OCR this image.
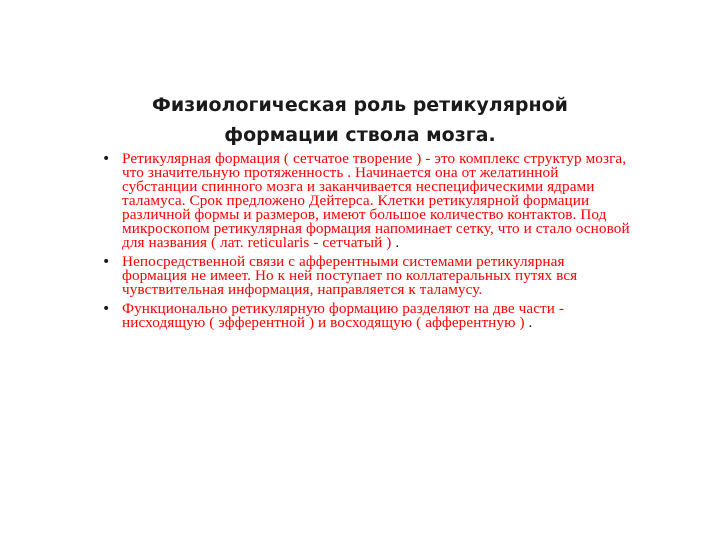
Физиологическая роль ретикулярной
формации ствола мозга.
• Ретикулярная формация ( сетчатое творение ) - это комплекс структур мозга, что значительную протяженность . Начинается она от желатинной субстанции спинного мозга и заканчивается неспецифическими ядрами таламуса. Срок предложено Дейтерса. Клетки ретикулярной формации различной формы и размеров, имеют большое количество контактов. Под микроскопом ретикулярная формация напоминает сетку, что и стало основой для названия ( лат. reticularis - сетчатый ) .
• Непосредственной связи с афферентными системами ретикулярная формация не имеет. Но к ней поступает по коллатеральных путях вся чувствительная информация, направляется к таламусу.
• Функционально ретикулярную формацию разделяют на две части - нисходящую ( эфферентной ) и восходящую ( афферентную ) .
